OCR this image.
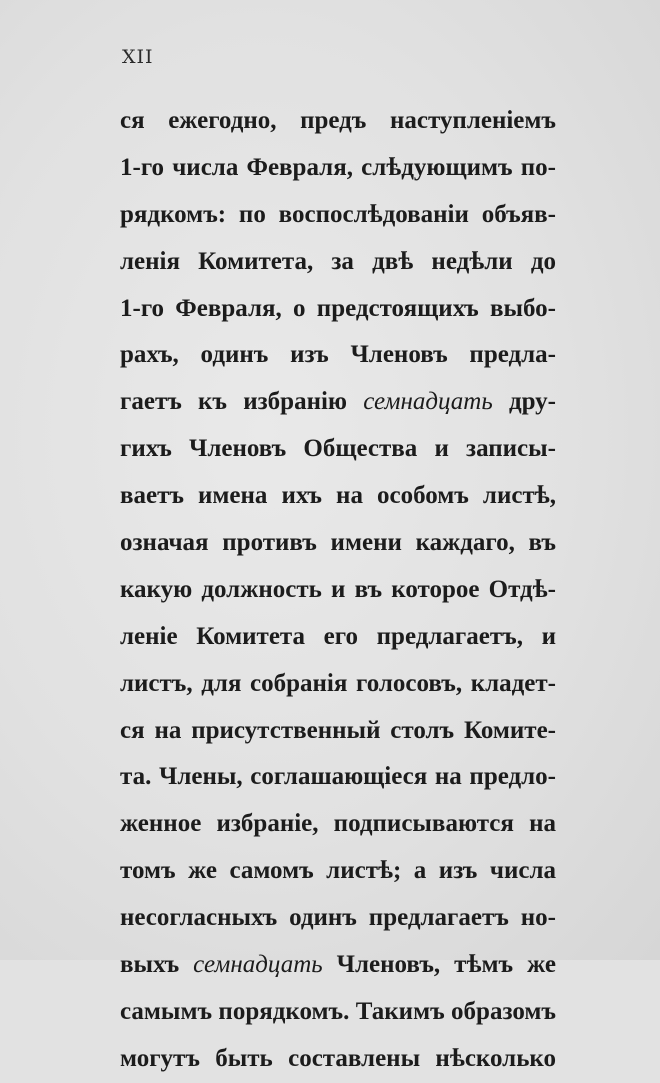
XII
ся ежегодно, предъ наступленіемъ
1-го числа Февраля, слѣдующимъ по-
рядкомъ: по воспослѣдованіи объяв-
ленія Комитета, за двѣ недѣли до
1-го Февраля, о предстоящихъ выбо-
рахъ, одинъ изъ Членовъ предла-
гаетъ къ избранію семнадцать дру-
гихъ Членовъ Общества и записы-
ваетъ имена ихъ на особомъ листѣ,
означая противъ имени каждаго, въ
какую должность и въ которое Отдѣ-
леніе Комитета его предлагаетъ, и
листъ, для собранія голосовъ, кладет-
ся на присутственный столъ Комите-
та. Члены, соглашающіеся на предло-
женное избраніе, подписываются на
томъ же самомъ листѣ; а изъ числа
несогласныхъ одинъ предлагаетъ но-
выхъ семнадцать Членовъ, тѣмъ же
самымъ порядкомъ. Такимъ образомъ
могутъ быть составлены нѣсколько
